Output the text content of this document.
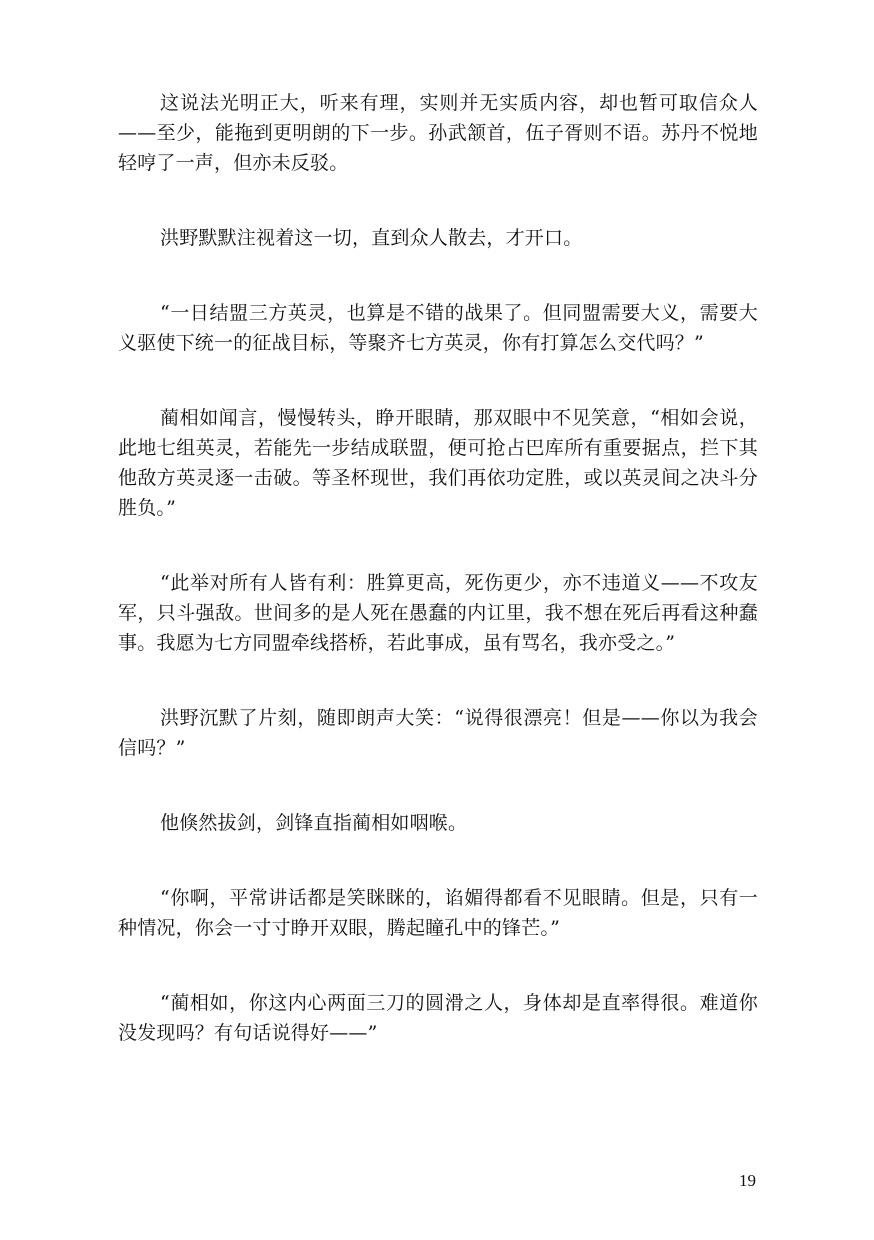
这说法光明正大，听来有理，实则并无实质内容，却也暂可取信众人——至少，能拖到更明朗的下一步。孙武颔首，伍子胥则不语。苏丹不悦地轻哼了一声，但亦未反驳。

洪野默默注视着这一切，直到众人散去，才开口。

“一日结盟三方英灵，也算是不错的战果了。但同盟需要大义，需要大义驱使下统一的征战目标，等聚齐七方英灵，你有打算怎么交代吗？”

蔺相如闻言，慢慢转头，睁开眼睛，那双眼中不见笑意，“相如会说，此地七组英灵，若能先一步结成联盟，便可抢占巴库所有重要据点，拦下其他敌方英灵逐一击破。等圣杯现世，我们再依功定胜，或以英灵间之决斗分胜负。”

“此举对所有人皆有利：胜算更高，死伤更少，亦不违道义——不攻友军，只斗强敌。世间多的是人死在愚蠢的内讧里，我不想在死后再看这种蠢事。我愿为七方同盟牵线搭桥，若此事成，虽有骂名，我亦受之。”

洪野沉默了片刻，随即朗声大笑：“说得很漂亮！但是——你以为我会信吗？”

他倏然拔剑，剑锋直指蔺相如咽喉。

“你啊，平常讲话都是笑眯眯的，谄媚得都看不见眼睛。但是，只有一种情况，你会一寸寸睁开双眼，腾起瞳孔中的锋芒。”

“蔺相如，你这内心两面三刀的圆滑之人，身体却是直率得很。难道你没发现吗？有句话说得好——”

19
